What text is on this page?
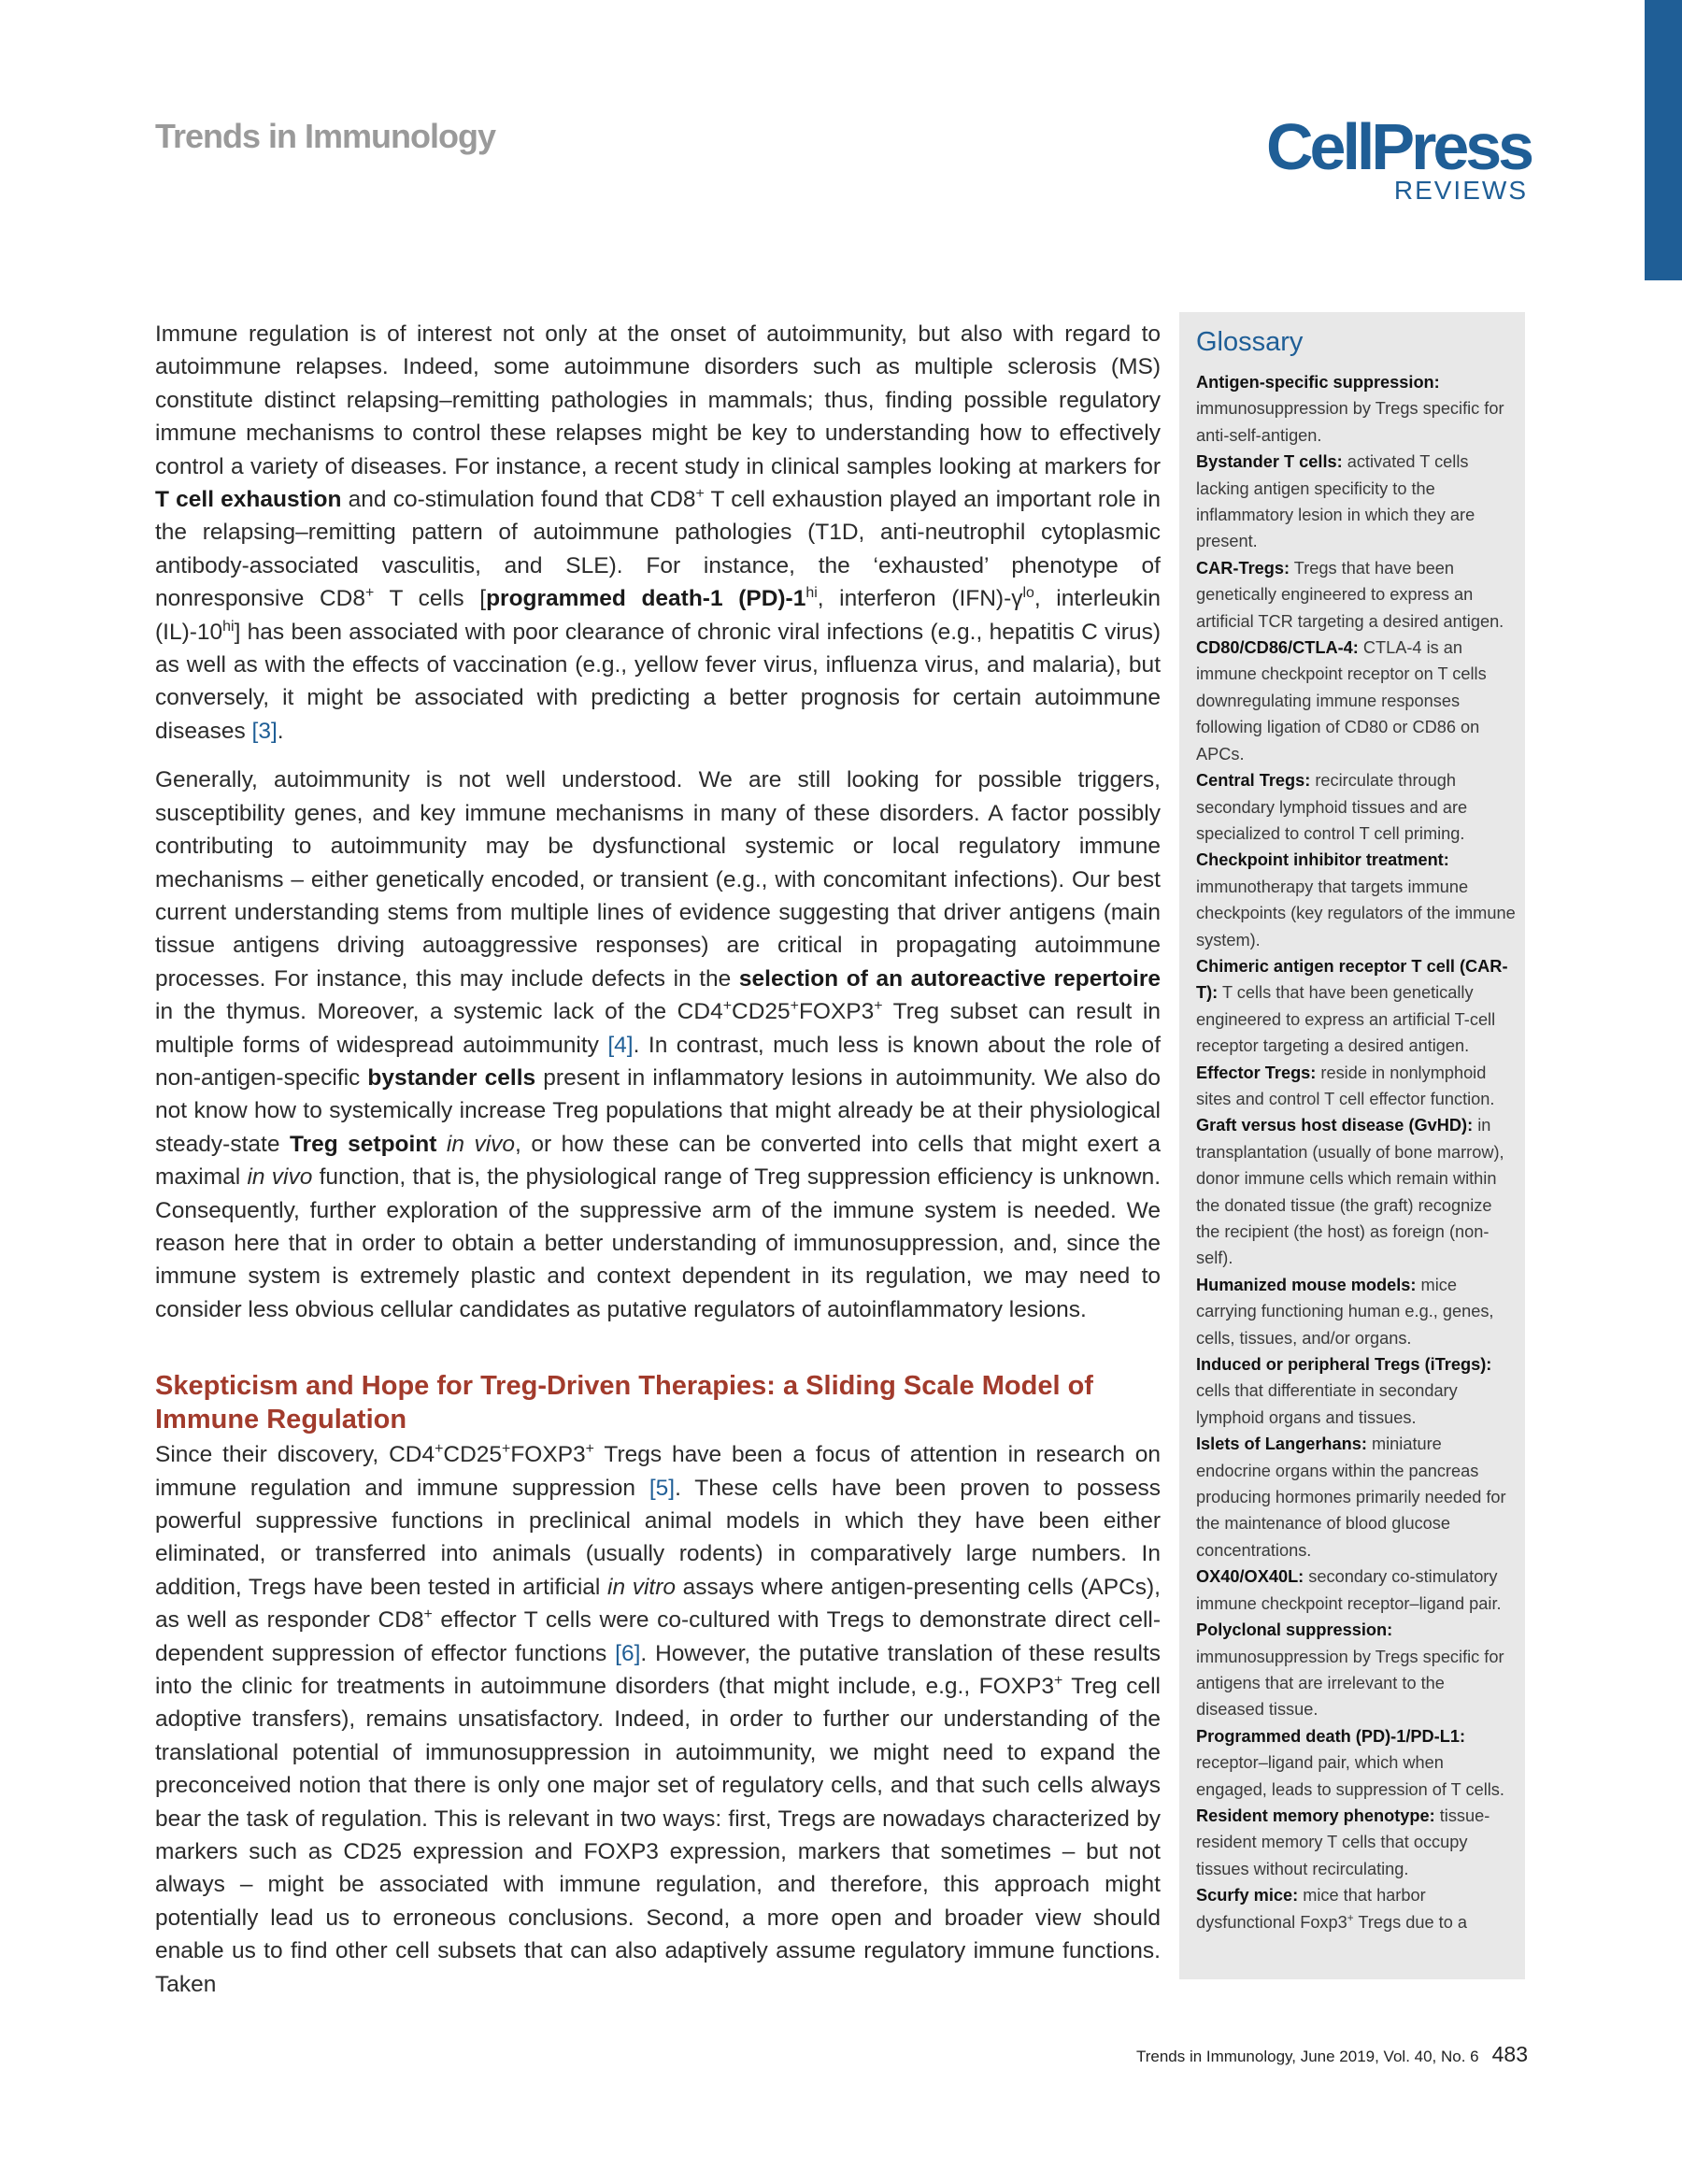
Trends in Immunology	CellPress
REVIEWS

Immune regulation is of interest not only at the onset of autoimmunity, but also with regard to autoimmune relapses. Indeed, some autoimmune disorders such as multiple sclerosis (MS) constitute distinct relapsing–remitting pathologies in mammals; thus, finding possible regulatory immune mechanisms to control these relapses might be key to understanding how to effectively control a variety of diseases. For instance, a recent study in clinical samples looking at markers for T cell exhaustion and co-stimulation found that CD8+ T cell exhaustion played an important role in the relapsing–remitting pattern of autoimmune pathologies (T1D, anti-neutrophil cytoplasmic antibody-associated vasculitis, and SLE). For instance, the ‘exhausted’ phenotype of nonresponsive CD8+ T cells [programmed death-1 $(PD)-1^{hi}$, interferon $(IFN)-\gamma^{lo}$, interleukin $(IL)-10^{hi}$] has been associated with poor clearance of chronic viral infections (e.g., hepatitis C virus) as well as with the effects of vaccination (e.g., yellow fever virus, influenza virus, and malaria), but conversely, it might be associated with predicting a better prognosis for certain autoimmune diseases [3].

Generally, autoimmunity is not well understood. We are still looking for possible triggers, susceptibility genes, and key immune mechanisms in many of these disorders. A factor possibly contributing to autoimmunity may be dysfunctional systemic or local regulatory immune mechanisms – either genetically encoded, or transient (e.g., with concomitant infections). Our best current understanding stems from multiple lines of evidence suggesting that driver antigens (main tissue antigens driving autoaggressive responses) are critical in propagating autoimmune processes. For instance, this may include defects in the selection of an autoreactive repertoire in the thymus. Moreover, a systemic lack of the CD4+CD25+FOXP3+ Treg subset can result in multiple forms of widespread autoimmunity [4]. In contrast, much less is known about the role of non-antigen-specific bystander cells present in inflammatory lesions in autoimmunity. We also do not know how to systemically increase Treg populations that might already be at their physiological steady-state Treg setpoint in vivo, or how these can be converted into cells that might exert a maximal in vivo function, that is, the physiological range of Treg suppression efficiency is unknown. Consequently, further exploration of the suppressive arm of the immune system is needed. We reason here that in order to obtain a better understanding of immunosuppression, and, since the immune system is extremely plastic and context dependent in its regulation, we may need to consider less obvious cellular candidates as putative regulators of autoinflammatory lesions.

Skepticism and Hope for Treg-Driven Therapies: a Sliding Scale Model of Immune Regulation

Since their discovery, CD4+CD25+FOXP3+ Tregs have been a focus of attention in research on immune regulation and immune suppression [5]. These cells have been proven to possess powerful suppressive functions in preclinical animal models in which they have been either eliminated, or transferred into animals (usually rodents) in comparatively large numbers. In addition, Tregs have been tested in artificial in vitro assays where antigen-presenting cells (APCs), as well as responder CD8+ effector T cells were co-cultured with Tregs to demonstrate direct cell-dependent suppression of effector functions [6]. However, the putative translation of these results into the clinic for treatments in autoimmune disorders (that might include, e.g., FOXP3+ Treg cell adoptive transfers), remains unsatisfactory. Indeed, in order to further our understanding of the translational potential of immunosuppression in autoimmunity, we might need to expand the preconceived notion that there is only one major set of regulatory cells, and that such cells always bear the task of regulation. This is relevant in two ways: first, Tregs are nowadays characterized by markers such as CD25 expression and FOXP3 expression, markers that sometimes – but not always – might be associated with immune regulation, and therefore, this approach might potentially lead us to erroneous conclusions. Second, a more open and broader view should enable us to find other cell subsets that can also adaptively assume regulatory immune functions. Taken

Glossary

Antigen-specific suppression: immunosuppression by Tregs specific for anti-self-antigen.

Bystander T cells: activated T cells lacking antigen specificity to the inflammatory lesion in which they are present.

CAR-Tregs: Tregs that have been genetically engineered to express an artificial TCR targeting a desired antigen.

CD80/CD86/CTLA-4: CTLA-4 is an immune checkpoint receptor on T cells downregulating immune responses following ligation of CD80 or CD86 on APCs.

Central Tregs: recirculate through secondary lymphoid tissues and are specialized to control T cell priming.

Checkpoint inhibitor treatment: immunotherapy that targets immune checkpoints (key regulators of the immune system).

Chimeric antigen receptor T cell (CAR-T): T cells that have been genetically engineered to express an artificial T-cell receptor targeting a desired antigen.

Effector Tregs: reside in nonlymphoid sites and control T cell effector function.

Graft versus host disease (GvHD): in transplantation (usually of bone marrow), donor immune cells which remain within the donated tissue (the graft) recognize the recipient (the host) as foreign (non-self).

Humanized mouse models: mice carrying functioning human e.g., genes, cells, tissues, and/or organs.

Induced or peripheral Tregs (iTregs): cells that differentiate in secondary lymphoid organs and tissues.

Islets of Langerhans: miniature endocrine organs within the pancreas producing hormones primarily needed for the maintenance of blood glucose concentrations.

OX40/OX40L: secondary co-stimulatory immune checkpoint receptor–ligand pair.

Polyclonal suppression: immunosuppression by Tregs specific for antigens that are irrelevant to the diseased tissue.

Programmed death (PD)-1/PD-L1: receptor–ligand pair, which when engaged, leads to suppression of T cells.

Resident memory phenotype: tissue-resident memory T cells that occupy tissues without recirculating.

Scurfy mice: mice that harbor dysfunctional Foxp3+ Tregs due to a

Trends in Immunology, June 2019, Vol. 40, No. 6 483
